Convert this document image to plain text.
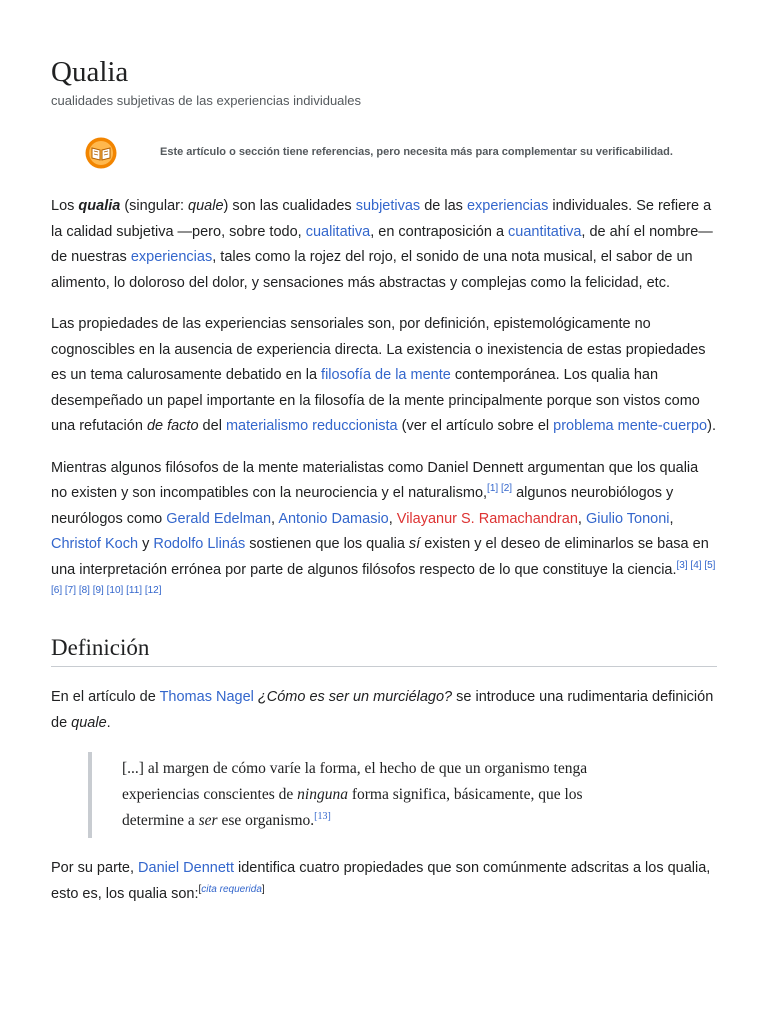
Qualia
cualidades subjetivas de las experiencias individuales
Este artículo o sección tiene referencias, pero necesita más para complementar su verificabilidad.

Los qualia (singular: quale) son las cualidades subjetivas de las experiencias individuales. Se refiere a la calidad subjetiva —pero, sobre todo, cualitativa, en contraposición a cuantitativa, de ahí el nombre— de nuestras experiencias, tales como la rojez del rojo, el sonido de una nota musical, el sabor de un alimento, lo doloroso del dolor, y sensaciones más abstractas y complejas como la felicidad, etc.

Las propiedades de las experiencias sensoriales son, por definición, epistemológicamente no cognoscibles en la ausencia de experiencia directa. La existencia o inexistencia de estas propiedades es un tema calurosamente debatido en la filosofía de la mente contemporánea. Los qualia han desempeñado un papel importante en la filosofía de la mente principalmente porque son vistos como una refutación de facto del materialismo reduccionista (ver el artículo sobre el problema mente-cuerpo).

Mientras algunos filósofos de la mente materialistas como Daniel Dennett argumentan que los qualia no existen y son incompatibles con la neurociencia y el naturalismo,[1] [2] algunos neurobiólogos y neurólogos como Gerald Edelman, Antonio Damasio, Vilayanur S. Ramachandran, Giulio Tononi, Christof Koch y Rodolfo Llinás sostienen que los qualia sí existen y el deseo de eliminarlos se basa en una interpretación errónea por parte de algunos filósofos respecto de lo que constituye la ciencia.[3] [4] [5] [6] [7] [8] [9] [10] [11] [12]

Definición

En el artículo de Thomas Nagel ¿Cómo es ser un murciélago? se introduce una rudimentaria definición de quale.

[...] al margen de cómo varíe la forma, el hecho de que un organismo tenga experiencias conscientes de ninguna forma significa, básicamente, que los determine a ser ese organismo.[13]

Por su parte, Daniel Dennett identifica cuatro propiedades que son comúnmente adscritas a los qualia, esto es, los qualia son:[cita requerida]
